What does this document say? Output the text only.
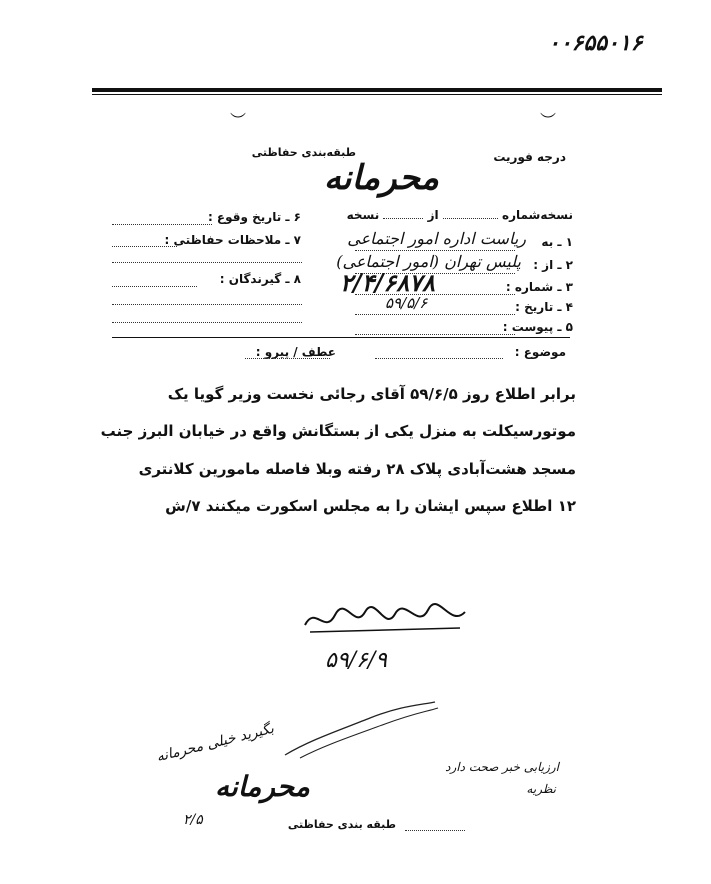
۰۰۶۵۵۰۱۶
︶	︶
درجه فوریت
طبقه‌بندی حفاظتی
محرمانه
نسخه‌شماره  از  نسخه
۱ ـ به
ریاست اداره امور اجتماعی
۲ ـ از :
پلیس تهران (امور اجتماعی)
۳ ـ شماره :
۲/۴/۶۸۷۸
۴ ـ تاریخ :
۵۹/۵/۶
۵ ـ پیوست :
۶ ـ تاریخ وقوع :
۷ ـ ملاحظات حفاظتی :
۸ ـ گیرندگان :
موضوع :
عطف / پیرو :
برابر اطلاع روز ۵۹/۶/۵ آقای رجائی نخست وزیر گویا یک
موتورسیکلت به منزل یکی از بستگانش واقع در خیابان البرز جنب
مسجد هشت‌آبادی پلاک ۲۸ رفته وبلا فاصله مامورین کلانتری
۱۲ اطلاع سپس ایشان را به مجلس اسکورت میکنند ۷/ش
۵۹/۶/۹
بگیرید خیلی محرمانه
ارزیابی خبر صحت دارد
نظریه
محرمانه
۲/۵	طبقه بندی حفاظتی
